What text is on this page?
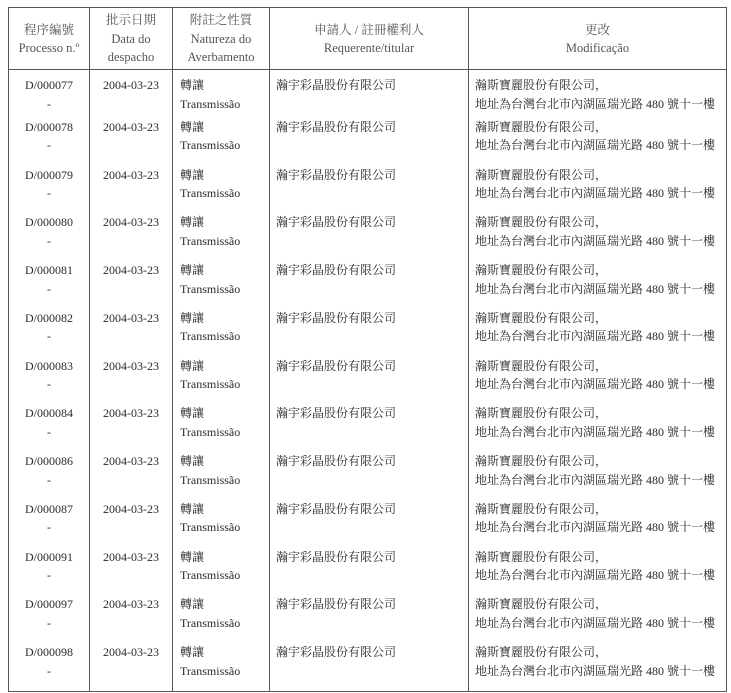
程序編號
Processo n.º	批示日期
Data do
despacho	附註之性質
Natureza do
Averbamento	申請人 / 註冊權利人
Requerente/titular	更改
Modificação

D/000077
-	2004-03-23	轉讓
Transmissão	瀚宇彩晶股份有限公司	瀚斯寶麗股份有限公司，
地址為台灣台北市內湖區瑞光路 480 號十一樓

D/000078
-	2004-03-23	轉讓
Transmissão	瀚宇彩晶股份有限公司	瀚斯寶麗股份有限公司，
地址為台灣台北市內湖區瑞光路 480 號十一樓

D/000079
-	2004-03-23	轉讓
Transmissão	瀚宇彩晶股份有限公司	瀚斯寶麗股份有限公司，
地址為台灣台北市內湖區瑞光路 480 號十一樓

D/000080
-	2004-03-23	轉讓
Transmissão	瀚宇彩晶股份有限公司	瀚斯寶麗股份有限公司，
地址為台灣台北市內湖區瑞光路 480 號十一樓

D/000081
-	2004-03-23	轉讓
Transmissão	瀚宇彩晶股份有限公司	瀚斯寶麗股份有限公司，
地址為台灣台北市內湖區瑞光路 480 號十一樓

D/000082
-	2004-03-23	轉讓
Transmissão	瀚宇彩晶股份有限公司	瀚斯寶麗股份有限公司，
地址為台灣台北市內湖區瑞光路 480 號十一樓

D/000083
-	2004-03-23	轉讓
Transmissão	瀚宇彩晶股份有限公司	瀚斯寶麗股份有限公司，
地址為台灣台北市內湖區瑞光路 480 號十一樓

D/000084
-	2004-03-23	轉讓
Transmissão	瀚宇彩晶股份有限公司	瀚斯寶麗股份有限公司，
地址為台灣台北市內湖區瑞光路 480 號十一樓

D/000086
-	2004-03-23	轉讓
Transmissão	瀚宇彩晶股份有限公司	瀚斯寶麗股份有限公司，
地址為台灣台北市內湖區瑞光路 480 號十一樓

D/000087
-	2004-03-23	轉讓
Transmissão	瀚宇彩晶股份有限公司	瀚斯寶麗股份有限公司，
地址為台灣台北市內湖區瑞光路 480 號十一樓

D/000091
-	2004-03-23	轉讓
Transmissão	瀚宇彩晶股份有限公司	瀚斯寶麗股份有限公司，
地址為台灣台北市內湖區瑞光路 480 號十一樓

D/000097
-	2004-03-23	轉讓
Transmissão	瀚宇彩晶股份有限公司	瀚斯寶麗股份有限公司，
地址為台灣台北市內湖區瑞光路 480 號十一樓

D/000098
-	2004-03-23	轉讓
Transmissão	瀚宇彩晶股份有限公司	瀚斯寶麗股份有限公司，
地址為台灣台北市內湖區瑞光路 480 號十一樓
